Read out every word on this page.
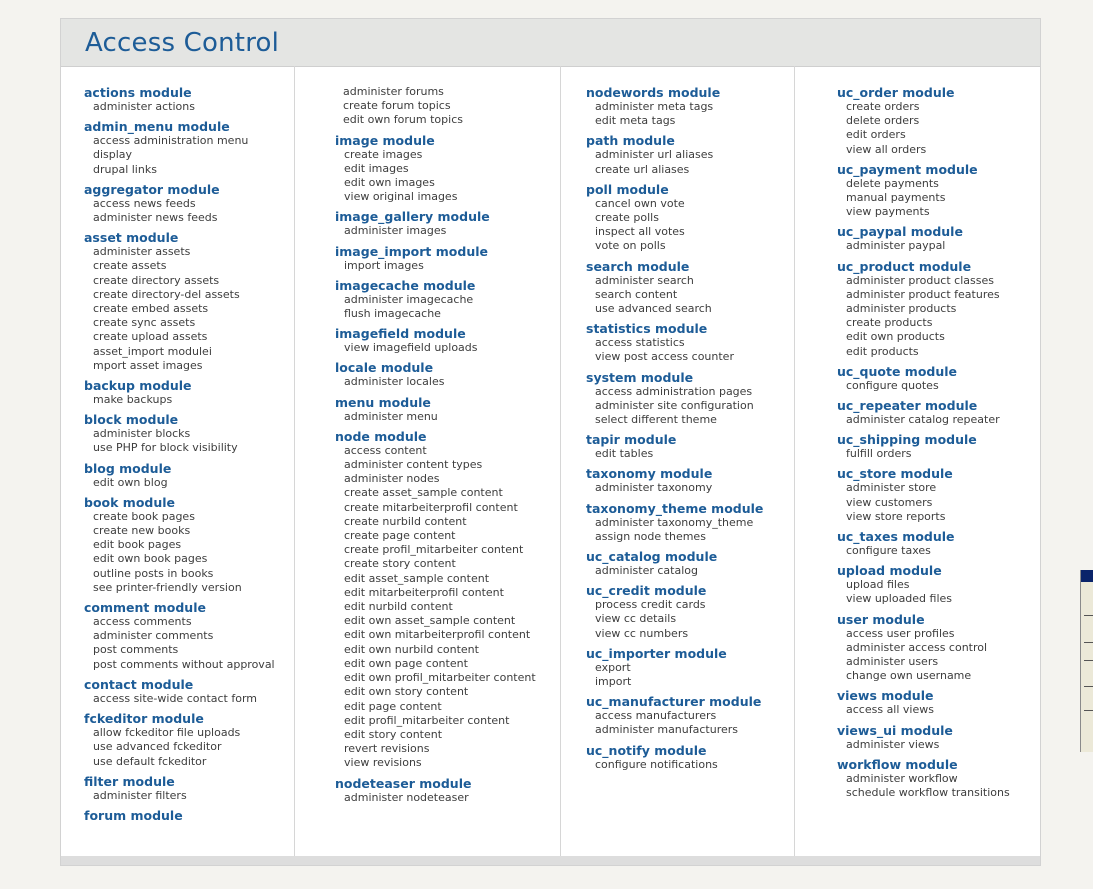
Access Control
actions module
administer actions
admin_menu module
access administration menu
display
drupal links
aggregator module
access news feeds
administer news feeds
asset module
administer assets
create assets
create directory assets
create directory-del assets
create embed assets
create sync assets
create upload assets
asset_import modulei
mport asset images
backup module
make backups
block module
administer blocks
use PHP for block visibility
blog module
edit own blog
book module
create book pages
create new books
edit book pages
edit own book pages
outline posts in books
see printer-friendly version
comment module
access comments
administer comments
post comments
post comments without approval
contact module
access site-wide contact form
fckeditor module
allow fckeditor file uploads
use advanced fckeditor
use default fckeditor
filter module
administer filters
forum module
administer forums
create forum topics
edit own forum topics
image module
create images
edit images
edit own images
view original images
image_gallery module
administer images
image_import module
import images
imagecache module
administer imagecache
flush imagecache
imagefield module
view imagefield uploads
locale module
administer locales
menu module
administer menu
node module
access content
administer content types
administer nodes
create asset_sample content
create mitarbeiterprofil content
create nurbild content
create page content
create profil_mitarbeiter content
create story content
edit asset_sample content
edit mitarbeiterprofil content
edit nurbild content
edit own asset_sample content
edit own mitarbeiterprofil content
edit own nurbild content
edit own page content
edit own profil_mitarbeiter content
edit own story content
edit page content
edit profil_mitarbeiter content
edit story content
revert revisions
view revisions
nodeteaser module
administer nodeteaser
nodewords module
administer meta tags
edit meta tags
path module
administer url aliases
create url aliases
poll module
cancel own vote
create polls
inspect all votes
vote on polls
search module
administer search
search content
use advanced search
statistics module
access statistics
view post access counter
system module
access administration pages
administer site configuration
select different theme
tapir module
edit tables
taxonomy module
administer taxonomy
taxonomy_theme module
administer taxonomy_theme
assign node themes
uc_catalog module
administer catalog
uc_credit module
process credit cards
view cc details
view cc numbers
uc_importer module
export
import
uc_manufacturer module
access manufacturers
administer manufacturers
uc_notify module
configure notifications
uc_order module
create orders
delete orders
edit orders
view all orders
uc_payment module
delete payments
manual payments
view payments
uc_paypal module
administer paypal
uc_product module
administer product classes
administer product features
administer products
create products
edit own products
edit products
uc_quote module
configure quotes
uc_repeater module
administer catalog repeater
uc_shipping module
fulfill orders
uc_store module
administer store
view customers
view store reports
uc_taxes module
configure taxes
upload module
upload files
view uploaded files
user module
access user profiles
administer access control
administer users
change own username
views module
access all views
views_ui module
administer views
workflow module
administer workflow
schedule workflow transitions
